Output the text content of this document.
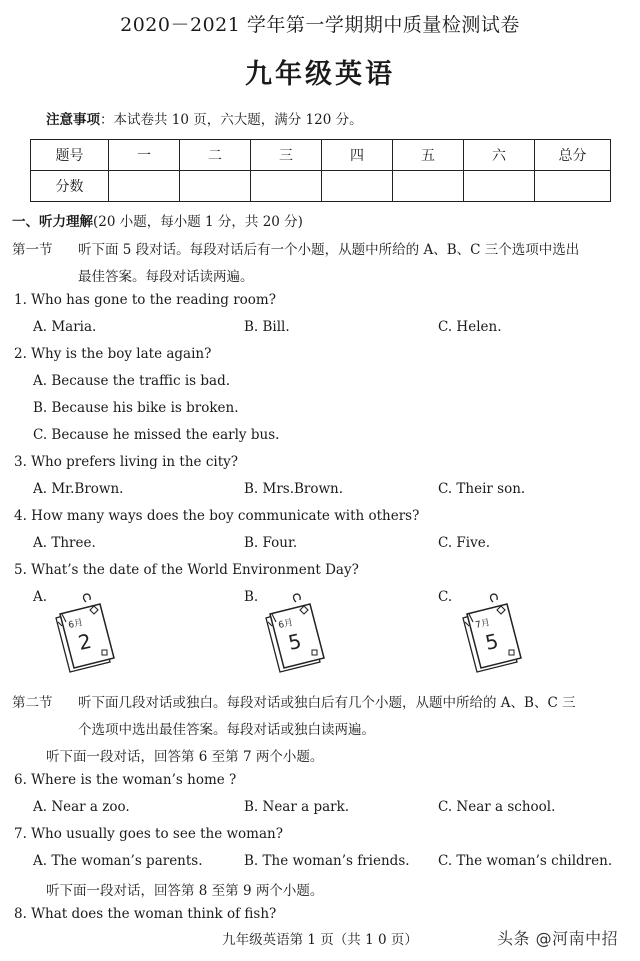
2020－2021 学年第一学期期中质量检测试卷
九年级英语
注意事项：本试卷共 10 页，六大题，满分 120 分。
题号	一	二	三	四	五	六	总分
分数							
一、听力理解(20 小题，每小题 1 分，共 20 分)
第一节 听下面 5 段对话。每段对话后有一个小题，从题中所给的 A、B、C 三个选项中选出
最佳答案。每段对话读两遍。
1. Who has gone to the reading room?
A. Maria.	B. Bill.	C. Helen.
2. Why is the boy late again?
A. Because the traffic is bad.
B. Because his bike is broken.
C. Because he missed the early bus.
3. Who prefers living in the city?
A. Mr.Brown.	B. Mrs.Brown.	C. Their son.
4. How many ways does the boy communicate with others?
A. Three.	B. Four.	C. Five.
5. What’s the date of the World Environment Day?
A.	B.	C.
6月
2
6月
5
7月
5
第二节 听下面几段对话或独白。每段对话或独白后有几个小题，从题中所给的 A、B、C 三
个选项中选出最佳答案。每段对话或独白读两遍。
听下面一段对话，回答第 6 至第 7 两个小题。
6. Where is the woman’s home ?
A. Near a zoo.	B. Near a park.	C. Near a school.
7. Who usually goes to see the woman?
A. The woman’s parents.	B. The woman’s friends. C. The woman’s children.
听下面一段对话，回答第 8 至第 9 两个小题。
8. What does the woman think of fish?
九年级英语第 1 页（共 1 0 页）	头条 @河南中招
